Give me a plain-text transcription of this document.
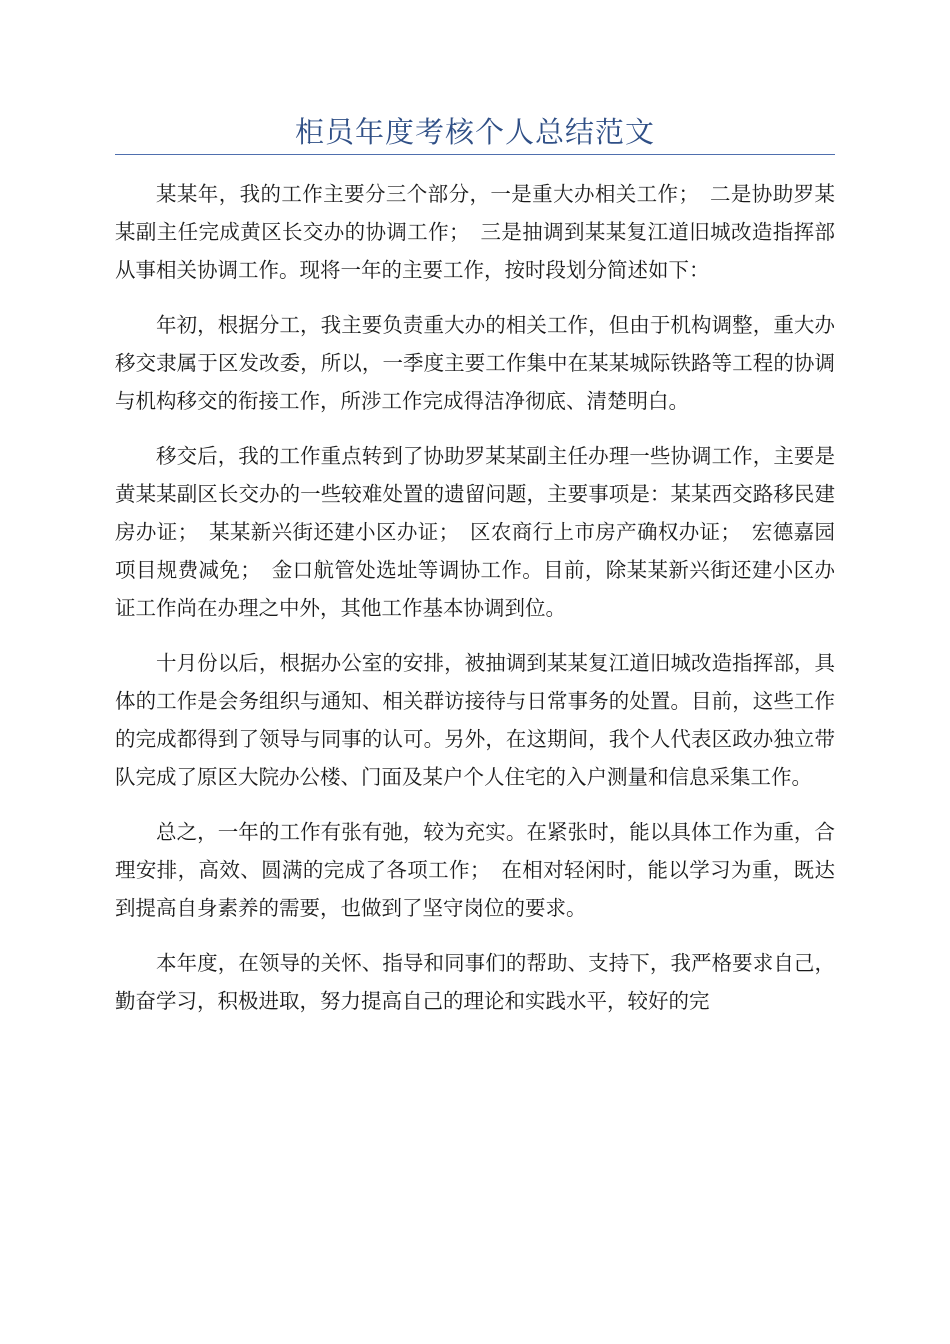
柜员年度考核个人总结范文

某某年，我的工作主要分三个部分，一是重大办相关工作；　二是协助罗某某副主任完成黄区长交办的协调工作；　三是抽调到某某复江道旧城改造指挥部从事相关协调工作。现将一年的主要工作，按时段划分简述如下：

年初，根据分工，我主要负责重大办的相关工作，但由于机构调整，重大办移交隶属于区发改委，所以，一季度主要工作集中在某某城际铁路等工程的协调与机构移交的衔接工作，所涉工作完成得洁净彻底、清楚明白。

移交后，我的工作重点转到了协助罗某某副主任办理一些协调工作，主要是黄某某副区长交办的一些较难处置的遗留问题，主要事项是：某某西交路移民建房办证；　某某新兴街还建小区办证；　区农商行上市房产确权办证；　宏德嘉园项目规费减免；　金口航管处选址等调协工作。目前，除某某新兴街还建小区办证工作尚在办理之中外，其他工作基本协调到位。

十月份以后，根据办公室的安排，被抽调到某某复江道旧城改造指挥部，具体的工作是会务组织与通知、相关群访接待与日常事务的处置。目前，这些工作的完成都得到了领导与同事的认可。另外，在这期间，我个人代表区政办独立带队完成了原区大院办公楼、门面及某户个人住宅的入户测量和信息采集工作。

总之，一年的工作有张有弛，较为充实。在紧张时，能以具体工作为重，合理安排，高效、圆满的完成了各项工作；　在相对轻闲时，能以学习为重，既达到提高自身素养的需要，也做到了坚守岗位的要求。

本年度，在领导的关怀、指导和同事们的帮助、支持下，我严格要求自己，勤奋学习，积极进取，努力提高自己的理论和实践水平，较好的完
